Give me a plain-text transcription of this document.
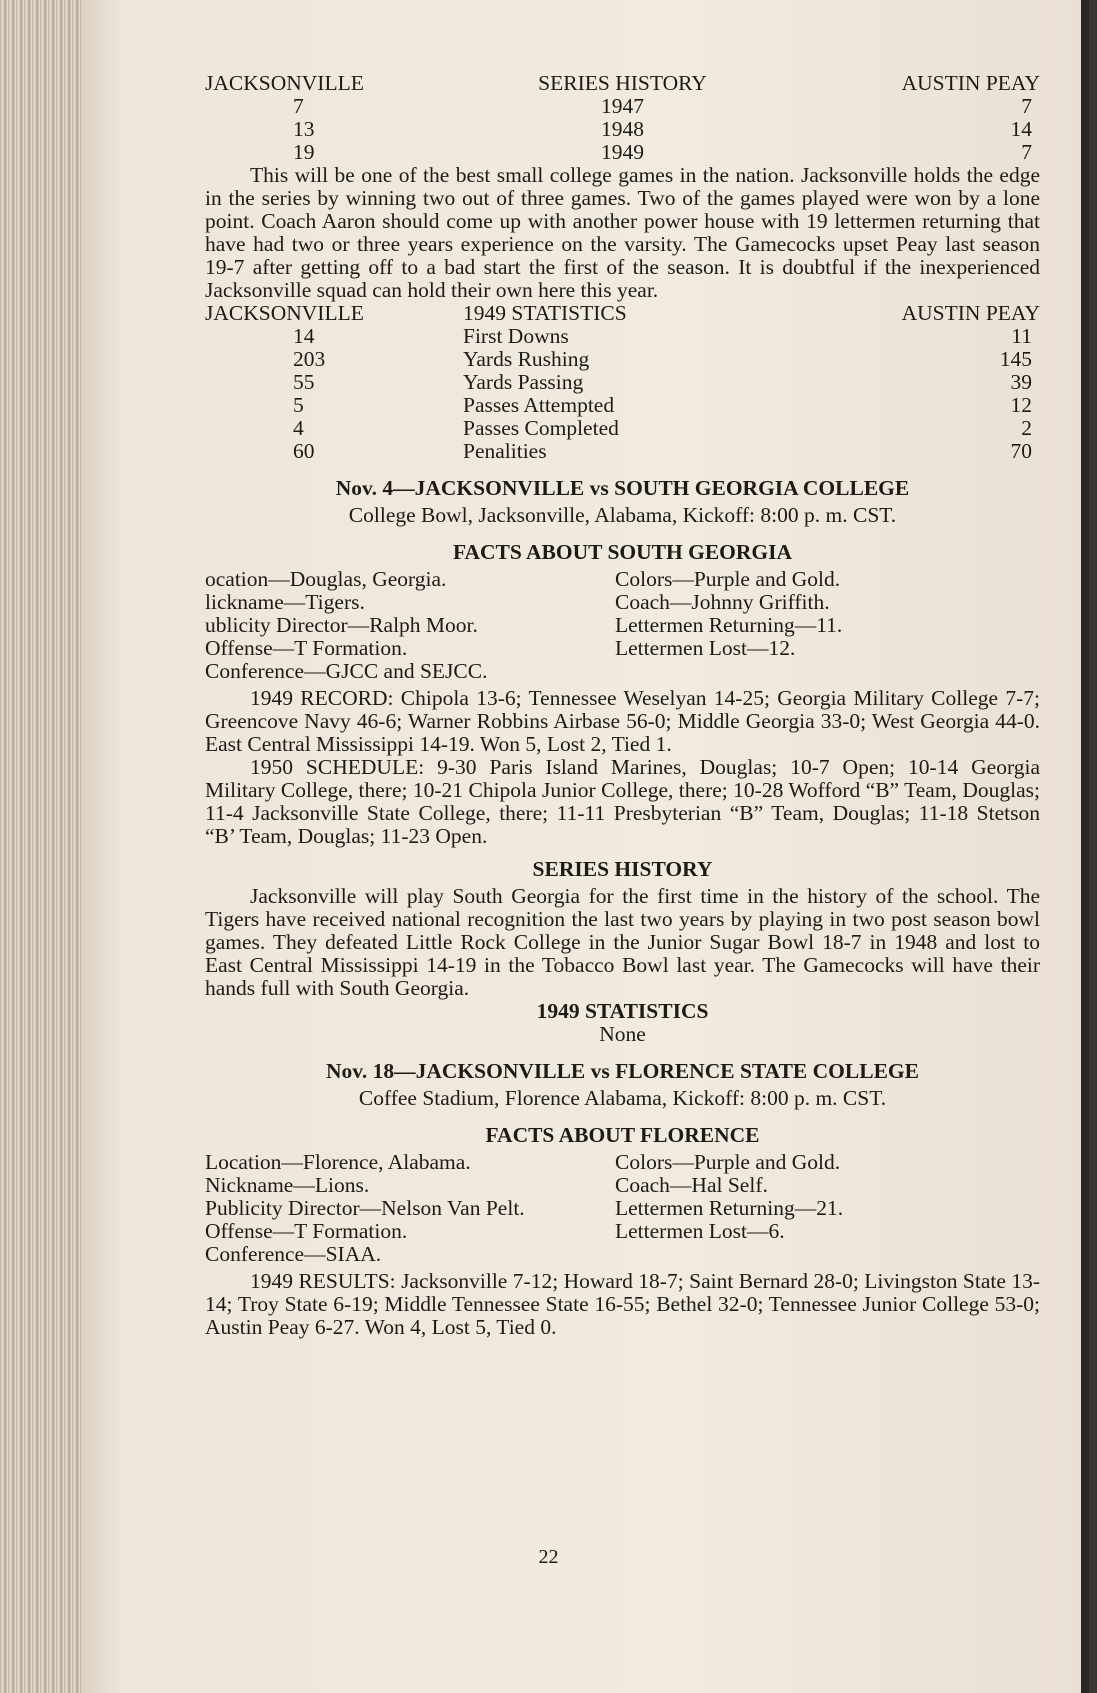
JACKSONVILLE	SERIES HISTORY	AUSTIN PEAY
7	1947	7
13	1948	14
19	1949	7

This will be one of the best small college games in the nation. Jacksonville holds the edge in the series by winning two out of three games. Two of the games played were won by a lone point. Coach Aaron should come up with another power house with 19 lettermen returning that have had two or three years experience on the varsity. The Gamecocks upset Peay last season 19-7 after getting off to a bad start the first of the season. It is doubtful if the inexperienced Jacksonville squad can hold their own here this year.

JACKSONVILLE	1949 STATISTICS	AUSTIN PEAY
14	First Downs	11
203	Yards Rushing	145
55	Yards Passing	39
5	Passes Attempted	12
4	Passes Completed	2
60	Penalities	70
Nov. 4—JACKSONVILLE vs SOUTH GEORGIA COLLEGE
College Bowl, Jacksonville, Alabama, Kickoff: 8:00 p. m. CST.
FACTS ABOUT SOUTH GEORGIA
ocation—Douglas, Georgia.
lickname—Tigers.
ublicity Director—Ralph Moor.
Offense—T Formation.
Conference—GJCC and SEJCC.
Colors—Purple and Gold.
Coach—Johnny Griffith.
Lettermen Returning—11.
Lettermen Lost—12.

1949 RECORD: Chipola 13-6; Tennessee Weselyan 14-25; Georgia Military College 7-7; Greencove Navy 46-6; Warner Robbins Airbase 56-0; Middle Georgia 33-0; West Georgia 44-0. East Central Mississippi 14-19. Won 5, Lost 2, Tied 1.

1950 SCHEDULE: 9-30 Paris Island Marines, Douglas; 10-7 Open; 10-14 Georgia Military College, there; 10-21 Chipola Junior College, there; 10-28 Wofford “B” Team, Douglas; 11-4 Jacksonville State College, there; 11-11 Presbyterian “B” Team, Douglas; 11-18 Stetson “B’ Team, Douglas; 11-23 Open.

SERIES HISTORY

Jacksonville will play South Georgia for the first time in the history of the school. The Tigers have received national recognition the last two years by playing in two post season bowl games. They defeated Little Rock College in the Junior Sugar Bowl 18-7 in 1948 and lost to East Central Mississippi 14-19 in the Tobacco Bowl last year. The Gamecocks will have their hands full with South Georgia.

1949 STATISTICS
None
Nov. 18—JACKSONVILLE vs FLORENCE STATE COLLEGE
Coffee Stadium, Florence Alabama, Kickoff: 8:00 p. m. CST.
FACTS ABOUT FLORENCE
Location—Florence, Alabama.
Nickname—Lions.
Publicity Director—Nelson Van Pelt.
Offense—T Formation.
Conference—SIAA.
Colors—Purple and Gold.
Coach—Hal Self.
Lettermen Returning—21.
Lettermen Lost—6.

1949 RESULTS: Jacksonville 7-12; Howard 18-7; Saint Bernard 28-0; Livingston State 13-14; Troy State 6-19; Middle Tennessee State 16-55; Bethel 32-0; Tennessee Junior College 53-0; Austin Peay 6-27. Won 4, Lost 5, Tied 0.

22
